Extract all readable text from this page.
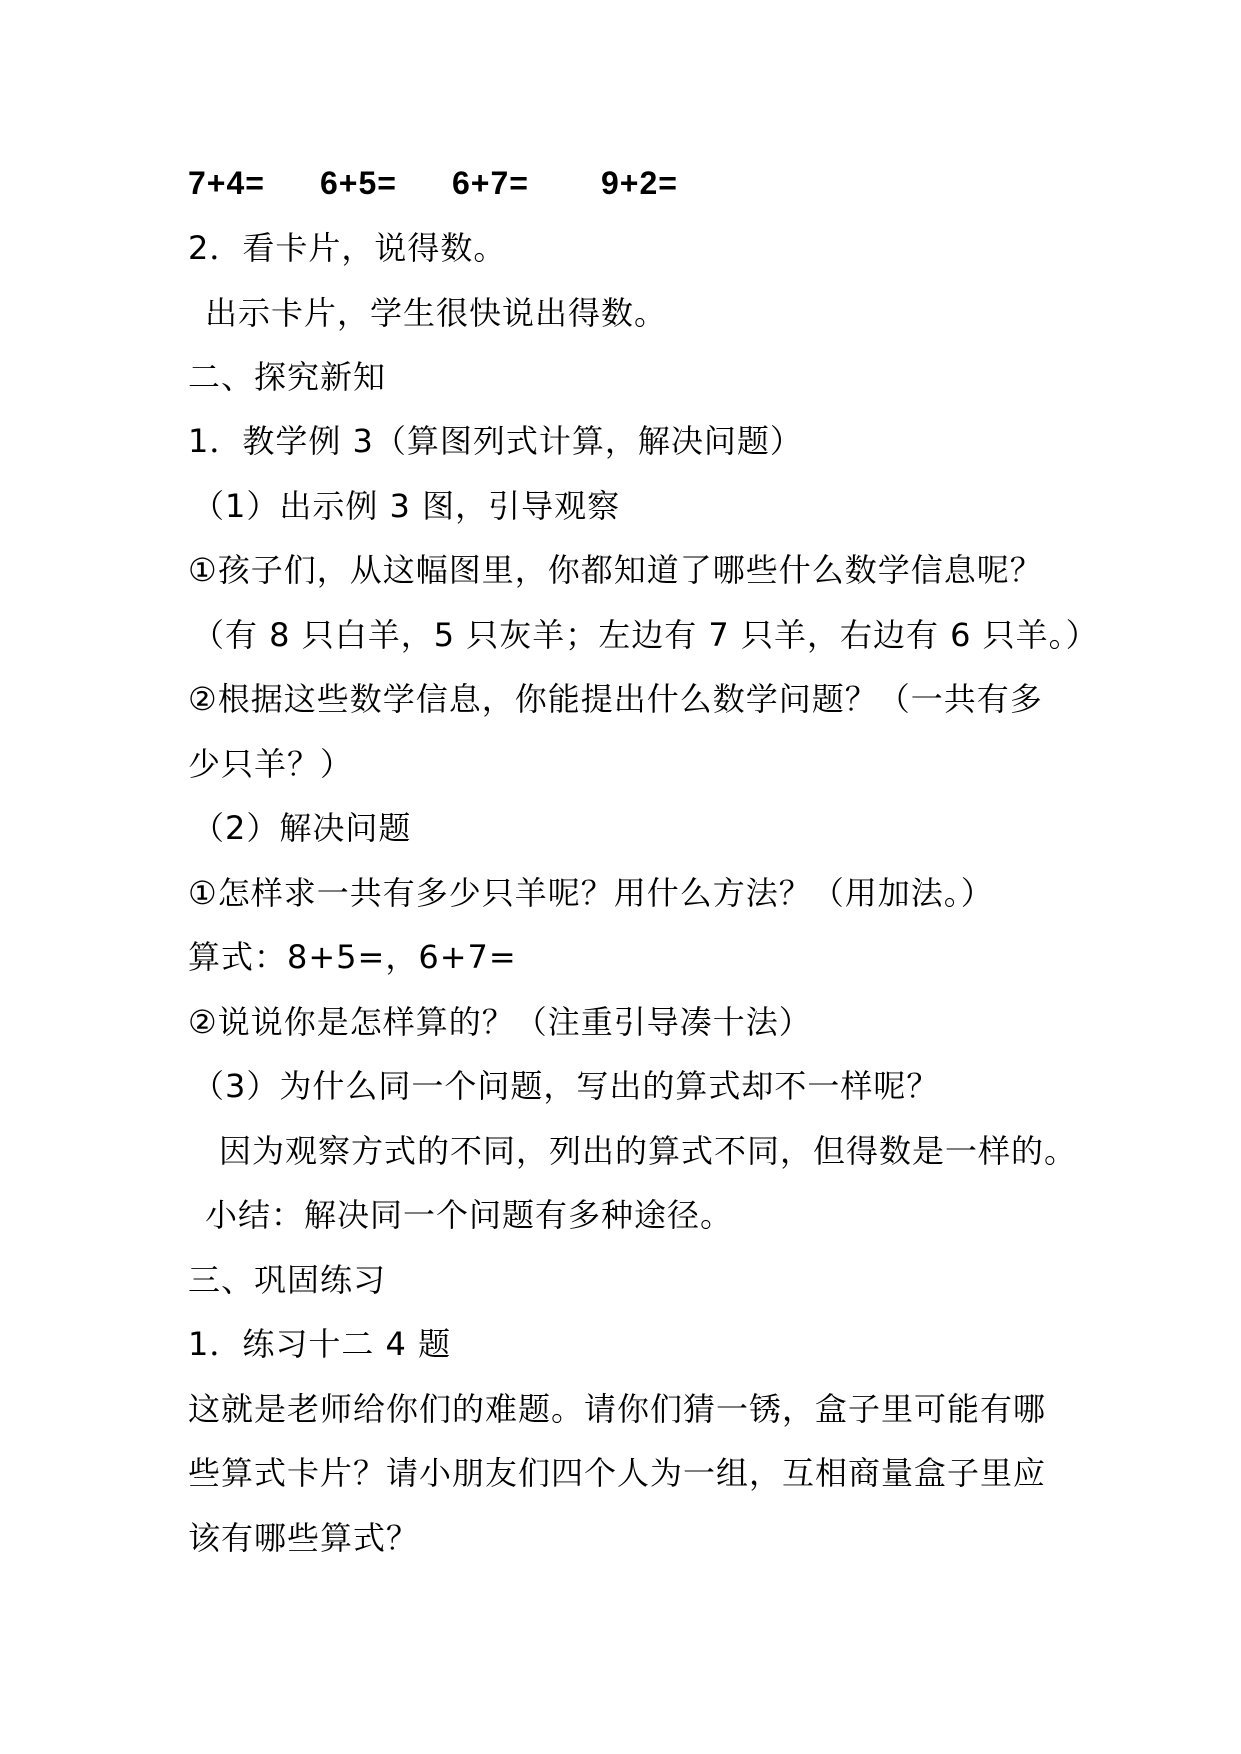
7+4= 6+5= 6+7= 9+2=
2．看卡片，说得数。
出示卡片，学生很快说出得数。
二、探究新知
1．教学例 3（算图列式计算，解决问题）
（1）出示例 3 图，引导观察
①孩子们，从这幅图里，你都知道了哪些什么数学信息呢？
（有 8 只白羊，5 只灰羊；左边有 7 只羊，右边有 6 只羊。）
②根据这些数学信息，你能提出什么数学问题？（一共有多
少只羊？）
（2）解决问题
①怎样求一共有多少只羊呢？用什么方法？（用加法。）
算式：8+5=，6+7=
②说说你是怎样算的？（注重引导凑十法）
（3）为什么同一个问题，写出的算式却不一样呢？
因为观察方式的不同，列出的算式不同，但得数是一样的。
小结：解决同一个问题有多种途径。
三、巩固练习
1．练习十二 4 题
这就是老师给你们的难题。请你们猜一锈，盒子里可能有哪
些算式卡片？请小朋友们四个人为一组，互相商量盒子里应
该有哪些算式？
